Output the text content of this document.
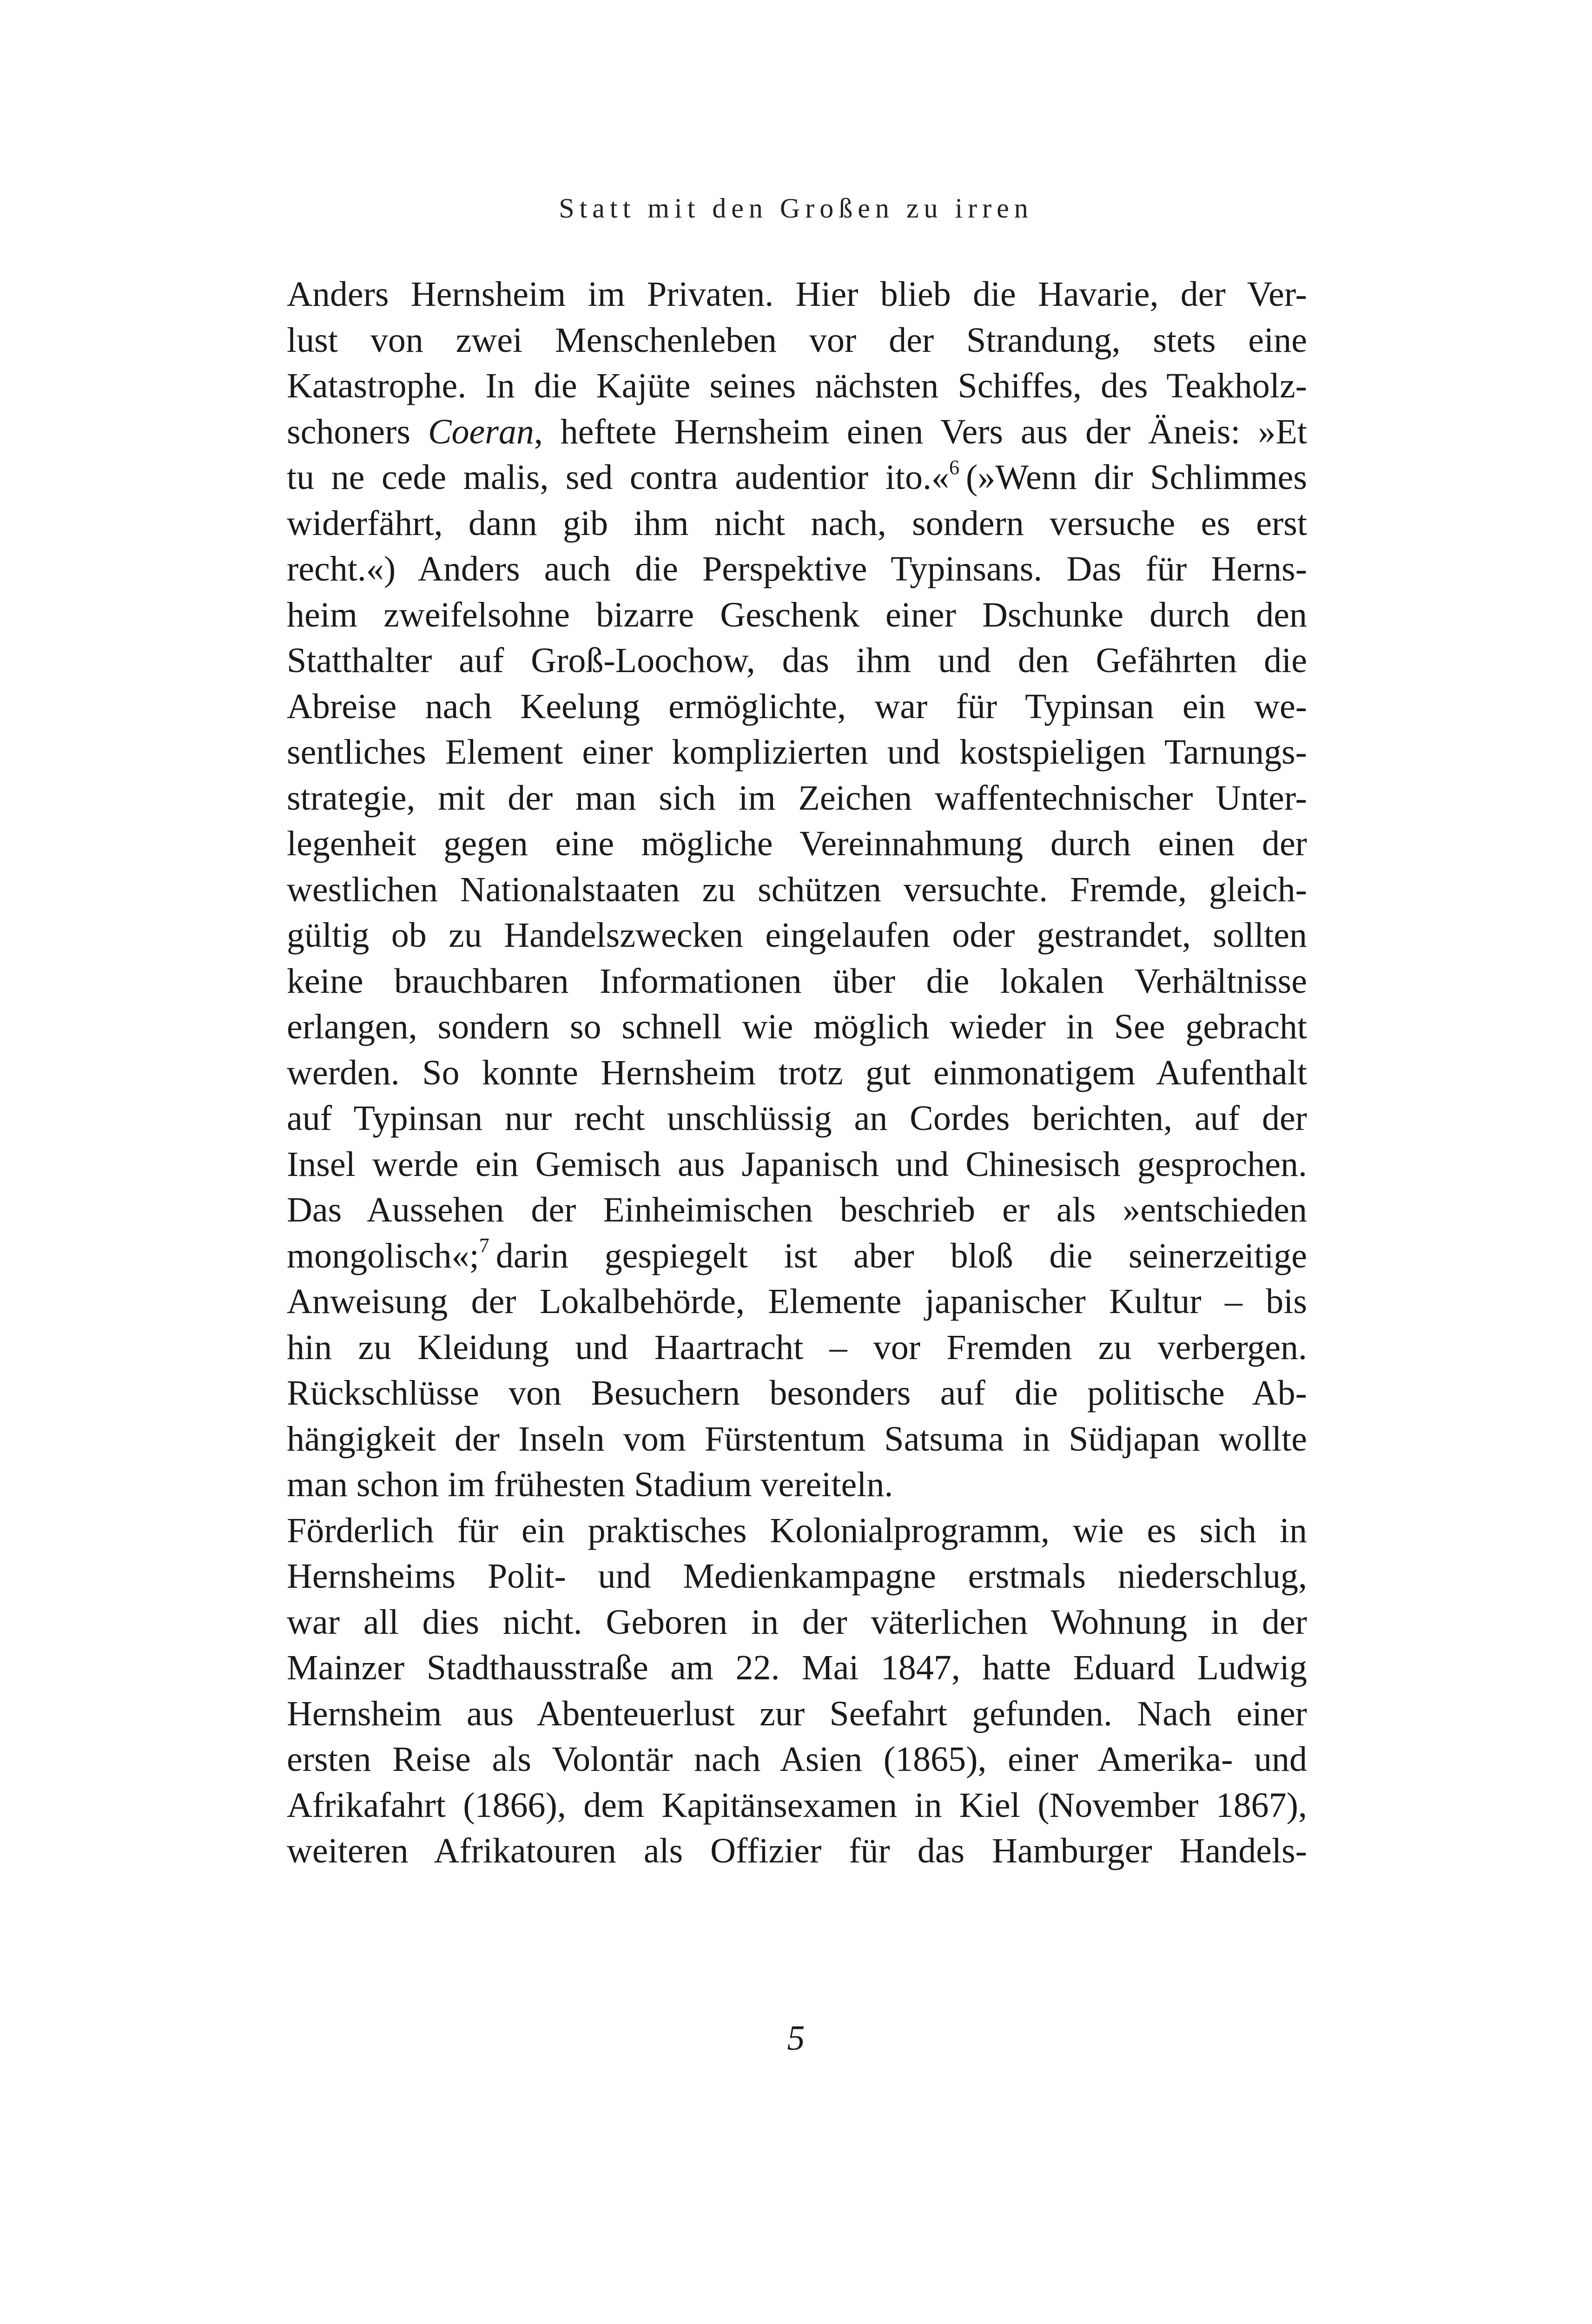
Statt mit den Großen zu irren
Anders Hernsheim im Privaten. Hier blieb die Havarie, der Ver-
lust von zwei Menschenleben vor der Strandung, stets eine
Katastrophe. In die Kajüte seines nächsten Schiffes, des Teakholz-
schoners Coeran, heftete Hernsheim einen Vers aus der Äneis: »Et
tu ne cede malis, sed contra audentior ito.«$^6$ (»Wenn dir Schlimmes
widerfährt, dann gib ihm nicht nach, sondern versuche es erst
recht.«) Anders auch die Perspektive Typinsans. Das für Herns-
heim zweifelsohne bizarre Geschenk einer Dschunke durch den
Statthalter auf Groß-Loochow, das ihm und den Gefährten die
Abreise nach Keelung ermöglichte, war für Typinsan ein we-
sentliches Element einer komplizierten und kostspieligen Tarnungs-
strategie, mit der man sich im Zeichen waffentechnischer Unter-
legenheit gegen eine mögliche Vereinnahmung durch einen der
westlichen Nationalstaaten zu schützen versuchte. Fremde, gleich-
gültig ob zu Handelszwecken eingelaufen oder gestrandet, sollten
keine brauchbaren Informationen über die lokalen Verhältnisse
erlangen, sondern so schnell wie möglich wieder in See gebracht
werden. So konnte Hernsheim trotz gut einmonatigem Aufenthalt
auf Typinsan nur recht unschlüssig an Cordes berichten, auf der
Insel werde ein Gemisch aus Japanisch und Chinesisch gesprochen.
Das Aussehen der Einheimischen beschrieb er als »entschieden
mongolisch«;$^7$ darin gespiegelt ist aber bloß die seinerzeitige
Anweisung der Lokalbehörde, Elemente japanischer Kultur – bis
hin zu Kleidung und Haartracht – vor Fremden zu verbergen.
Rückschlüsse von Besuchern besonders auf die politische Ab-
hängigkeit der Inseln vom Fürstentum Satsuma in Südjapan wollte
man schon im frühesten Stadium vereiteln.
Förderlich für ein praktisches Kolonialprogramm, wie es sich in
Hernsheims Polit- und Medienkampagne erstmals niederschlug,
war all dies nicht. Geboren in der väterlichen Wohnung in der
Mainzer Stadthausstraße am 22. Mai 1847, hatte Eduard Ludwig
Hernsheim aus Abenteuerlust zur Seefahrt gefunden. Nach einer
ersten Reise als Volontär nach Asien (1865), einer Amerika- und
Afrikafahrt (1866), dem Kapitänsexamen in Kiel (November 1867),
weiteren Afrikatouren als Offizier für das Hamburger Handels-
5
